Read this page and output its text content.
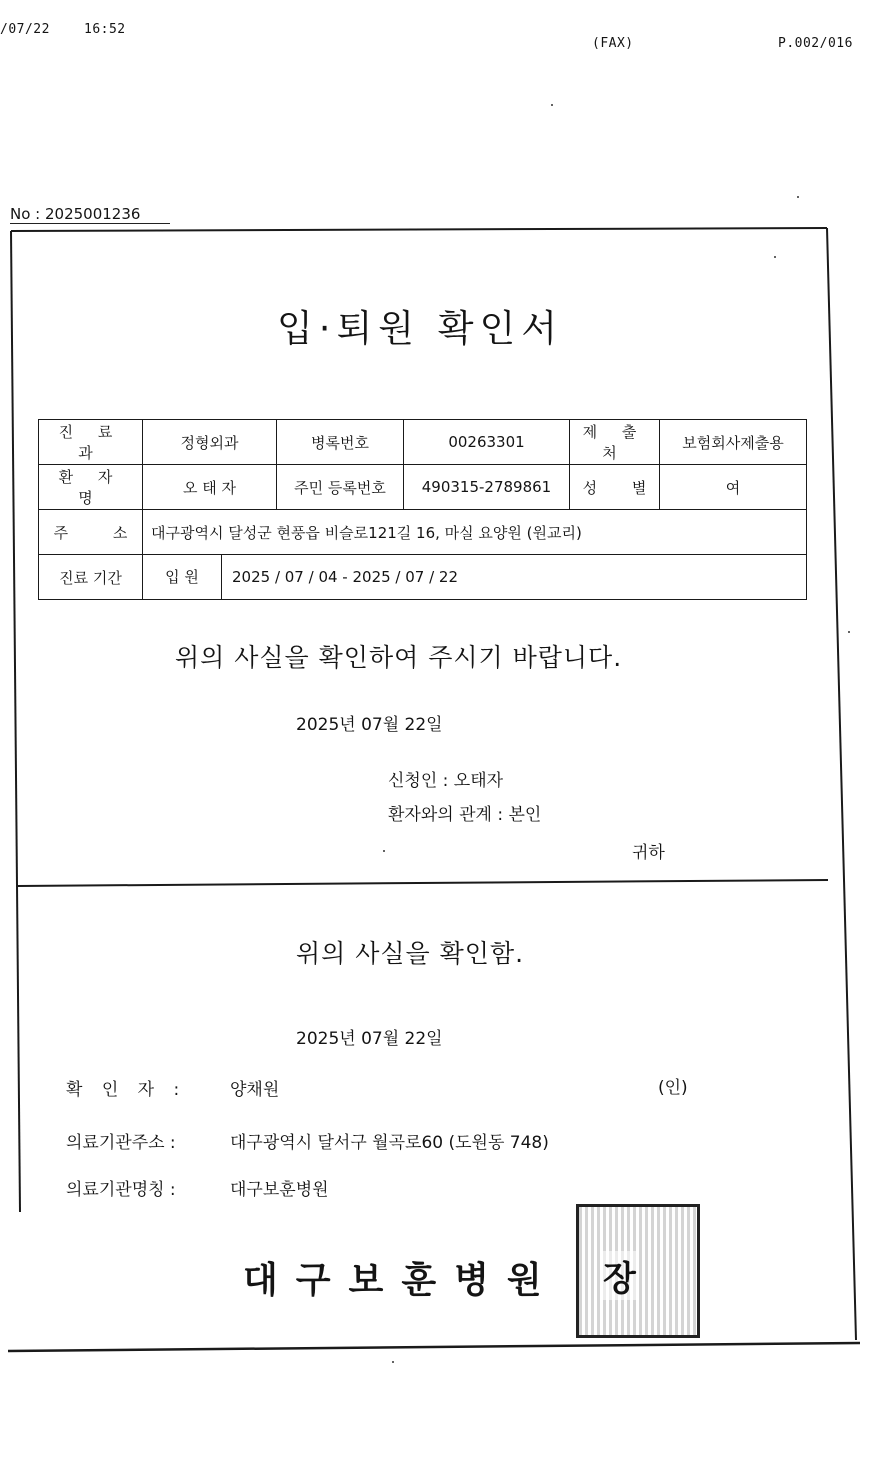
/07/22	16:52
(FAX)	P.002/016
No : 2025001236
입·퇴원 확인서
진 료 과	정형외과	병록번호	00263301	제 출 처	보험회사제출용
환 자 명	오 태 자	주민 등록번호	490315-2789861	성 별	여
주 소	대구광역시 달성군 현풍읍 비슬로121길 16, 마실 요양원 (원교리)				
진료 기간	입 원 2025 / 07 / 04 - 2025 / 07 / 22				
위의 사실을 확인하여 주시기 바랍니다.
2025년 07월 22일
신청인 : 오태자
환자와의 관계 : 본인
귀하
위의 사실을 확인함.
2025년 07월 22일
확 인 자 :	양채원	(인)
의료기관주소 :	대구광역시 달서구 월곡로60 (도원동 748)
의료기관명칭 :	대구보훈병원
대구보훈병원 장
